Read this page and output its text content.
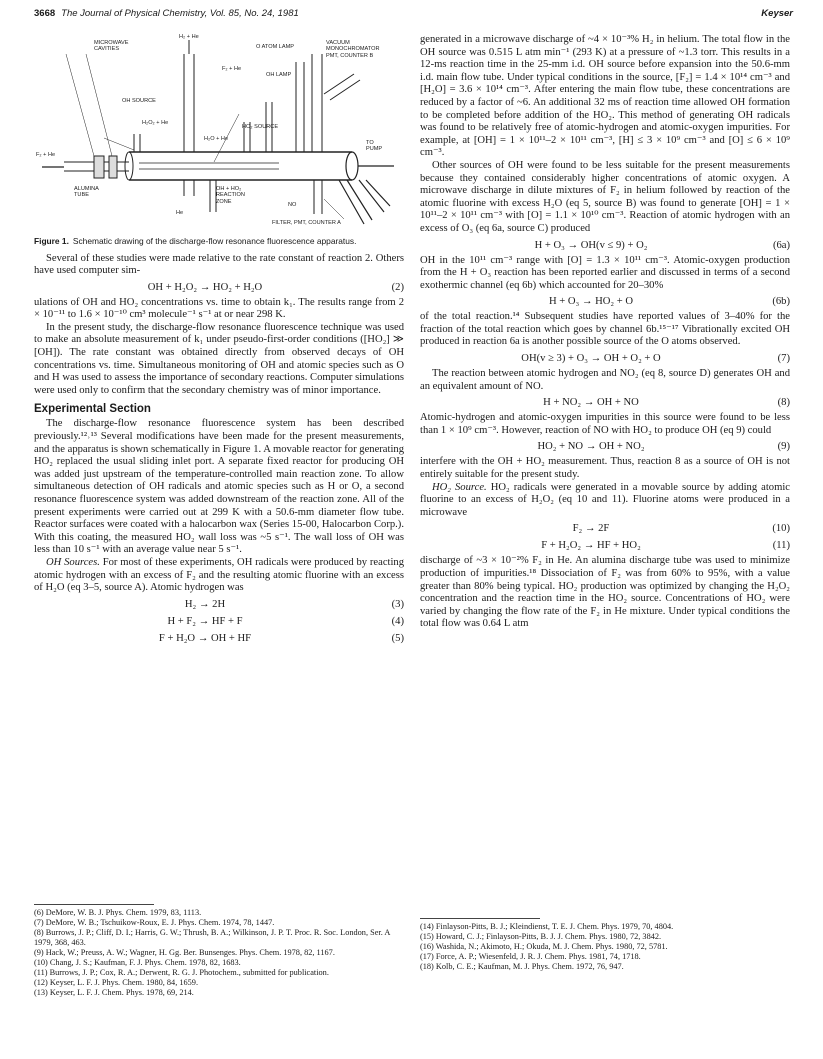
3668 The Journal of Physical Chemistry, Vol. 85, No. 24, 1981	Keyser
MICROWAVE
CAVITIES
H₂ + He
O ATOM LAMP
VACUUM
MONOCHROMATOR
PMT, COUNTER B
F₂ + He
OH LAMP
OH SOURCE
H₂O₂ + He
H₂O + He
HO₂ SOURCE
TO
PUMP
F₂ + He
ALUMINA
TUBE
OH + HO₂
REACTION
ZONE
He
NO
FILTER, PMT, COUNTER A
Figure 1. Schematic drawing of the discharge-flow resonance fluorescence apparatus.

Several of these studies were made relative to the rate constant of reaction 2. Others have used computer sim-

OH + H₂O₂ → HO₂ + H₂O	(2)

ulations of OH and HO₂ concentrations vs. time to obtain k₁. The results range from 2 × 10⁻¹¹ to 1.6 × 10⁻¹⁰ cm³ molecule⁻¹ s⁻¹ at or near 298 K.

In the present study, the discharge-flow resonance fluorescence technique was used to make an absolute measurement of k₁ under pseudo-first-order conditions ([HO₂] ≫ [OH]). The rate constant was obtained directly from observed decays of OH concentrations vs. time. Simultaneous monitoring of OH and atomic species such as O and H was used to assess the importance of secondary reactions. Computer simulations were used only to confirm that the secondary chemistry was of minor importance.

Experimental Section

The discharge-flow resonance fluorescence system has been described previously.¹²˒¹³ Several modifications have been made for the present measurements, and the apparatus is shown schematically in Figure 1. A movable reactor for generating HO₂ replaced the usual sliding inlet port. A separate fixed reactor for producing OH was added just upstream of the temperature-controlled main reaction zone. To allow simultaneous detection of OH radicals and atomic species such as H or O, a second resonance fluorescence system was added downstream of the reaction zone. All of the present experiments were carried out at 299 K with a 50.6-mm diameter flow tube. Reactor surfaces were coated with a halocarbon wax (Series 15-00, Halocarbon Corp.). With this coating, the measured HO₂ wall loss was ~5 s⁻¹. The wall loss of OH was less than 10 s⁻¹ with an average value near 5 s⁻¹.

OH Sources. For most of these experiments, OH radicals were produced by reacting atomic hydrogen with an excess of F₂ and the resulting atomic fluorine with an excess of H₂O (eq 3–5, source A). Atomic hydrogen was

H₂ → 2H	(3)
H + F₂ → HF + F	(4)
F + H₂O → OH + HF	(5)
(6) DeMore, W. B. J. Phys. Chem. 1979, 83, 1113.
(7) DeMore, W. B.; Tschuikow-Roux, E. J. Phys. Chem. 1974, 78, 1447.
(8) Burrows, J. P.; Cliff, D. I.; Harris, G. W.; Thrush, B. A.; Wilkinson, J. P. T. Proc. R. Soc. London, Ser. A 1979, 368, 463.
(9) Hack, W.; Preuss, A. W.; Wagner, H. Gg. Ber. Bunsenges. Phys. Chem. 1978, 82, 1167.
(10) Chang, J. S.; Kaufman, F. J. Phys. Chem. 1978, 82, 1683.
(11) Burrows, J. P.; Cox, R. A.; Derwent, R. G. J. Photochem., submitted for publication.
(12) Keyser, L. F. J. Phys. Chem. 1980, 84, 1659.
(13) Keyser, L. F. J. Chem. Phys. 1978, 69, 214.

generated in a microwave discharge of ~4 × 10⁻³% H₂ in helium. The total flow in the OH source was 0.515 L atm min⁻¹ (293 K) at a pressure of ~1.3 torr. This results in a 12-ms reaction time in the 25-mm i.d. OH source before expansion into the 50.6-mm i.d. main flow tube. Under typical conditions in the source, [F₂] = 1.4 × 10¹⁴ cm⁻³ and [H₂O] = 3.6 × 10¹⁴ cm⁻³. After entering the main flow tube, these concentrations are reduced by a factor of ~6. An additional 32 ms of reaction time allowed OH formation to be completed before addition of the HO₂. This method of generating OH radicals was found to be relatively free of atomic-hydrogen and atomic-oxygen impurities. For example, at [OH] = 1 × 10¹¹–2 × 10¹¹ cm⁻³, [H] ≤ 3 × 10⁹ cm⁻³ and [O] ≤ 6 × 10⁹ cm⁻³.

Other sources of OH were found to be less suitable for the present measurements because they contained considerably higher concentrations of atomic oxygen. A microwave discharge in dilute mixtures of F₂ in helium followed by reaction of the atomic fluorine with excess H₂O (eq 5, source B) was found to generate [OH] = 1 × 10¹¹–2 × 10¹¹ cm⁻³ with [O] = 1.1 × 10¹⁰ cm⁻³. Reaction of atomic hydrogen with an excess of O₃ (eq 6a, source C) produced

H + O₃ → OH(v ≤ 9) + O₂	(6a)

OH in the 10¹¹ cm⁻³ range with [O] = 1.3 × 10¹¹ cm⁻³. Atomic-oxygen production from the H + O₃ reaction has been reported earlier and discussed in terms of a second exothermic channel (eq 6b) which accounted for 20–30%

H + O₃ → HO₂ + O	(6b)

of the total reaction.¹⁴ Subsequent studies have reported values of 3–40% for the fraction of the total reaction which goes by channel 6b.¹⁵⁻¹⁷ Vibrationally excited OH produced in reaction 6a is another possible source of the O atoms observed.

OH(v ≥ 3) + O₃ → OH + O₂ + O	(7)

The reaction between atomic hydrogen and NO₂ (eq 8, source D) generates OH and an equivalent amount of NO.

H + NO₂ → OH + NO	(8)

Atomic-hydrogen and atomic-oxygen impurities in this source were found to be less than 1 × 10⁹ cm⁻³. However, reaction of NO with HO₂ to produce OH (eq 9) could

HO₂ + NO → OH + NO₂	(9)

interfere with the OH + HO₂ measurement. Thus, reaction 8 as a source of OH is not entirely suitable for the present study.

HO₂ Source. HO₂ radicals were generated in a movable source by adding atomic fluorine to an excess of H₂O₂ (eq 10 and 11). Fluorine atoms were produced in a microwave

F₂ → 2F	(10)
F + H₂O₂ → HF + HO₂	(11)

discharge of ~3 × 10⁻²% F₂ in He. An alumina discharge tube was used to minimize production of impurities.¹⁸ Dissociation of F₂ was from 60% to 95%, with a value greater than 80% being typical. HO₂ production was optimized by changing the H₂O₂ concentration and the reaction time in the HO₂ source. Concentrations of HO₂ were varied by changing the flow rate of the F₂ in He mixture. Under typical conditions the total flow was 0.64 L atm

(14) Finlayson-Pitts, B. J.; Kleindienst, T. E. J. Chem. Phys. 1979, 70, 4804.
(15) Howard, C. J.; Finlayson-Pitts, B. J. J. Chem. Phys. 1980, 72, 3842.
(16) Washida, N.; Akimoto, H.; Okuda, M. J. Chem. Phys. 1980, 72, 5781.
(17) Force, A. P.; Wiesenfeld, J. R. J. Chem. Phys. 1981, 74, 1718.
(18) Kolb, C. E.; Kaufman, M. J. Phys. Chem. 1972, 76, 947.
